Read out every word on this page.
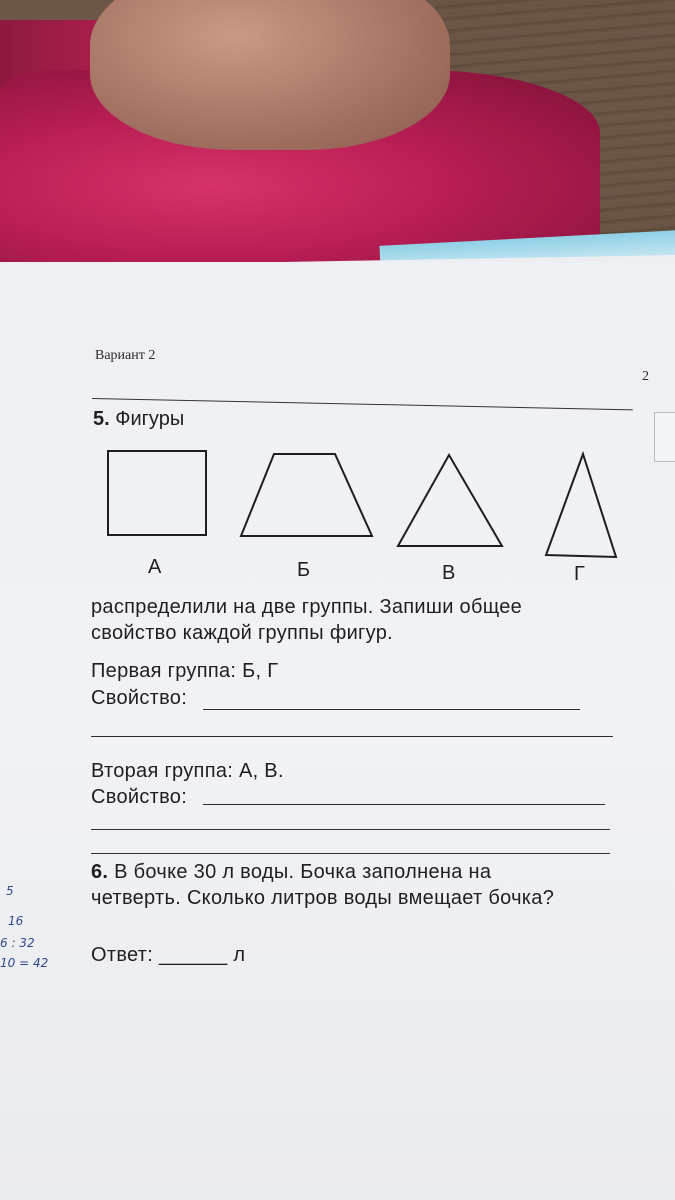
Вариант 2
2
5. Фигуры
А	Б	В	Г
распределили на две группы. Запиши общее
свойство каждой группы фигур.
Первая группа: Б, Г
Свойство:
Вторая группа: А, В.
Свойство:
6. В бочке 30 л воды. Бочка заполнена на
четверть. Сколько литров воды вмещает бочка?
Ответ: ______ л
5
16
6 : 32
10 = 42
